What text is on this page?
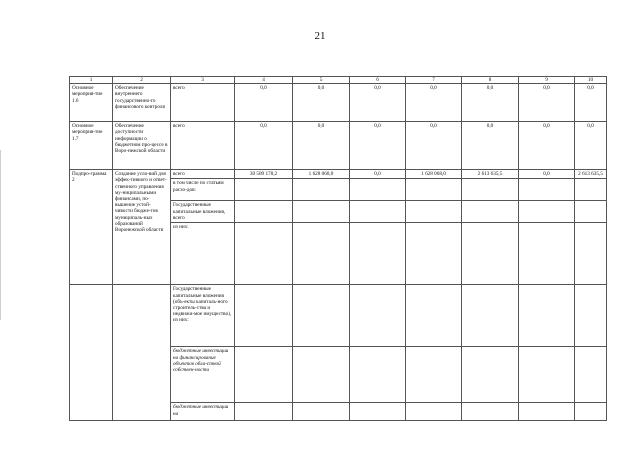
21
1	2	3	4	5	6	7	8	9	10
Основное мероприя-тие 1.6	Обеспечение внутреннего государственно-го финансового контроля	всего	0,0	0,0	0,0	0,0	0,0	0,0	0,0
Основное мероприя-тие 1.7	Обеспечение доступности информации о бюджетном про-цессе в Воро-нежской области	всего	0,0	0,0	0,0	0,0	0,0	0,0	0,0
Подпро-грамма 2	Создание усло-вий для эффек-тивного и ответ-ственного управления му-ниципальными финансами, по-вышение устой-чивости бюдже-тов муниципаль-ных образований Воронежской области	всего	30 509 178,2	1 628 068,0	0,0	1 628 068,0	2 613 635,5	0,0	2 613 635,5
		в том числе по статьям расхо-дов:							
		Государственные капитальные вложения, всего							
		из них:							
		Государственные капитальные вложения (объ-екты капиталь-ного строитель-ства и недвижи-мое имущество), из них:							
		бюджетные инвестиции на финансирование объектов обла-стной собствен-ности							
		бюджетные инвестиции на							
